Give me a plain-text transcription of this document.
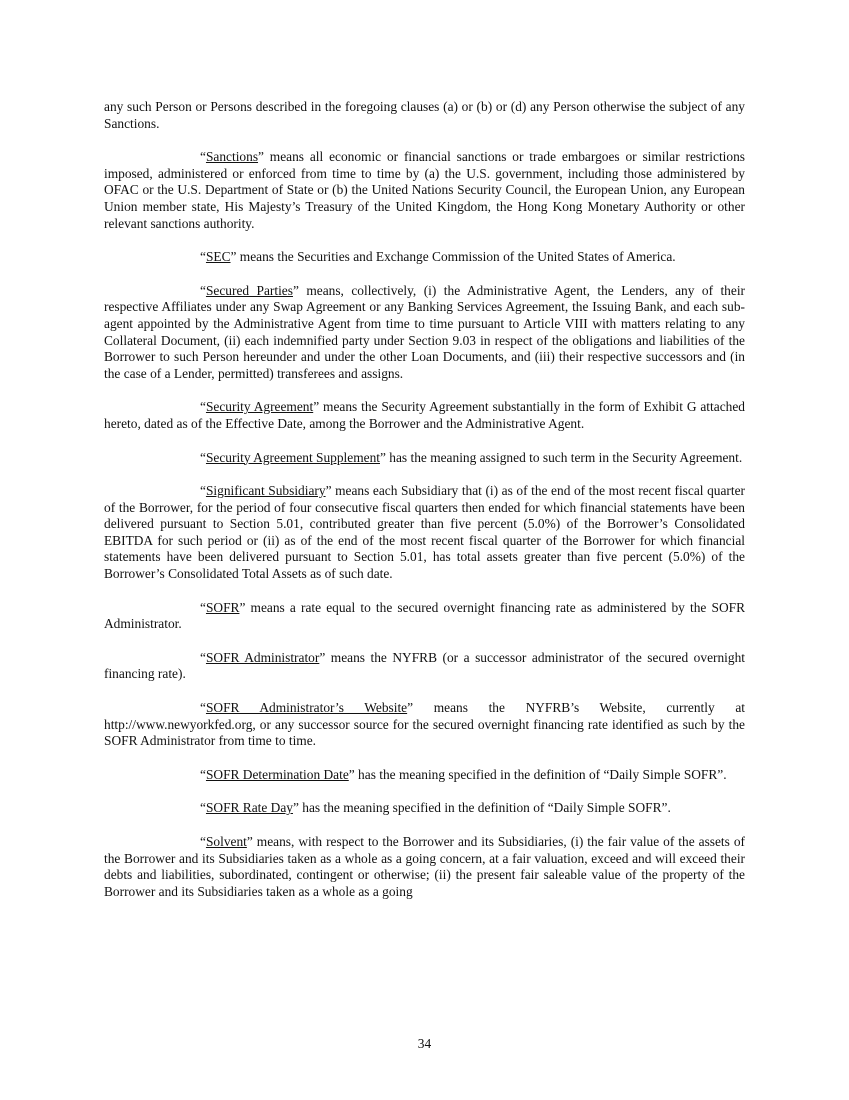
any such Person or Persons described in the foregoing clauses (a) or (b) or (d) any Person otherwise the subject of any Sanctions.

“Sanctions” means all economic or financial sanctions or trade embargoes or similar restrictions imposed, administered or enforced from time to time by (a) the U.S. government, including those administered by OFAC or the U.S. Department of State or (b) the United Nations Security Council, the European Union, any European Union member state, His Majesty’s Treasury of the United Kingdom, the Hong Kong Monetary Authority or other relevant sanctions authority.

“SEC” means the Securities and Exchange Commission of the United States of America.

“Secured Parties” means, collectively, (i) the Administrative Agent, the Lenders, any of their respective Affiliates under any Swap Agreement or any Banking Services Agreement, the Issuing Bank, and each sub-agent appointed by the Administrative Agent from time to time pursuant to Article VIII with matters relating to any Collateral Document, (ii) each indemnified party under Section 9.03 in respect of the obligations and liabilities of the Borrower to such Person hereunder and under the other Loan Documents, and (iii) their respective successors and (in the case of a Lender, permitted) transferees and assigns.

“Security Agreement” means the Security Agreement substantially in the form of Exhibit G attached hereto, dated as of the Effective Date, among the Borrower and the Administrative Agent.

“Security Agreement Supplement” has the meaning assigned to such term in the Security Agreement.

“Significant Subsidiary” means each Subsidiary that (i) as of the end of the most recent fiscal quarter of the Borrower, for the period of four consecutive fiscal quarters then ended for which financial statements have been delivered pursuant to Section 5.01, contributed greater than five percent (5.0%) of the Borrower’s Consolidated EBITDA for such period or (ii) as of the end of the most recent fiscal quarter of the Borrower for which financial statements have been delivered pursuant to Section 5.01, has total assets greater than five percent (5.0%) of the Borrower’s Consolidated Total Assets as of such date.

“SOFR” means a rate equal to the secured overnight financing rate as administered by the SOFR Administrator.

“SOFR Administrator” means the NYFRB (or a successor administrator of the secured overnight financing rate).

“SOFR Administrator’s Website” means the NYFRB’s Website, currently at http://www.newyorkfed.org, or any successor source for the secured overnight financing rate identified as such by the SOFR Administrator from time to time.

“SOFR Determination Date” has the meaning specified in the definition of “Daily Simple SOFR”.

“SOFR Rate Day” has the meaning specified in the definition of “Daily Simple SOFR”.

“Solvent” means, with respect to the Borrower and its Subsidiaries, (i) the fair value of the assets of the Borrower and its Subsidiaries taken as a whole as a going concern, at a fair valuation, exceed and will exceed their debts and liabilities, subordinated, contingent or otherwise; (ii) the present fair saleable value of the property of the Borrower and its Subsidiaries taken as a whole as a going

34
